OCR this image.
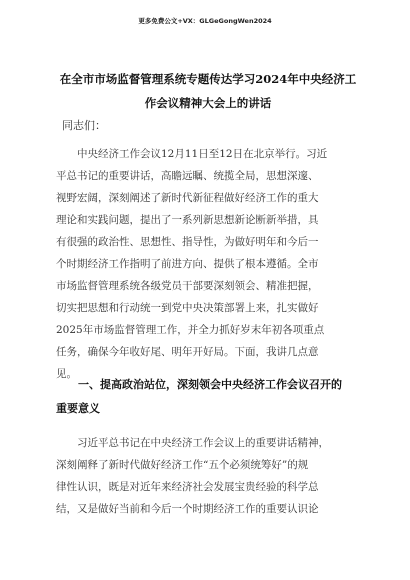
更多免费公文+VX：GLGeGongWen2024
在全市市场监督管理系统专题传达学习2024年中央经济工
作会议精神大会上的讲话
同志们：
　　中央经济工作会议12月11日至12日在北京举行。习近
平总书记的重要讲话，高瞻远瞩、统揽全局，思想深邃、
视野宏阔，深刻阐述了新时代新征程做好经济工作的重大
理论和实践问题，提出了一系列新思想新论断新举措，具
有很强的政治性、思想性、指导性，为做好明年和今后一
个时期经济工作指明了前进方向、提供了根本遵循。全市
市场监督管理系统各级党员干部要深刻领会、精准把握，
切实把思想和行动统一到党中央决策部署上来，扎实做好
2025年市场监督管理工作，并全力抓好岁末年初各项重点
任务，确保今年收好尾、明年开好局。下面，我讲几点意
见。
　　一、提高政治站位，深刻领会中央经济工作会议召开的
重要意义
　　习近平总书记在中央经济工作会议上的重要讲话精神，
深刻阐释了新时代做好经济工作“五个必须统筹好”的规
律性认识，既是对近年来经济社会发展宝贵经验的科学总
结，又是做好当前和今后一个时期经济工作的重要认识论
